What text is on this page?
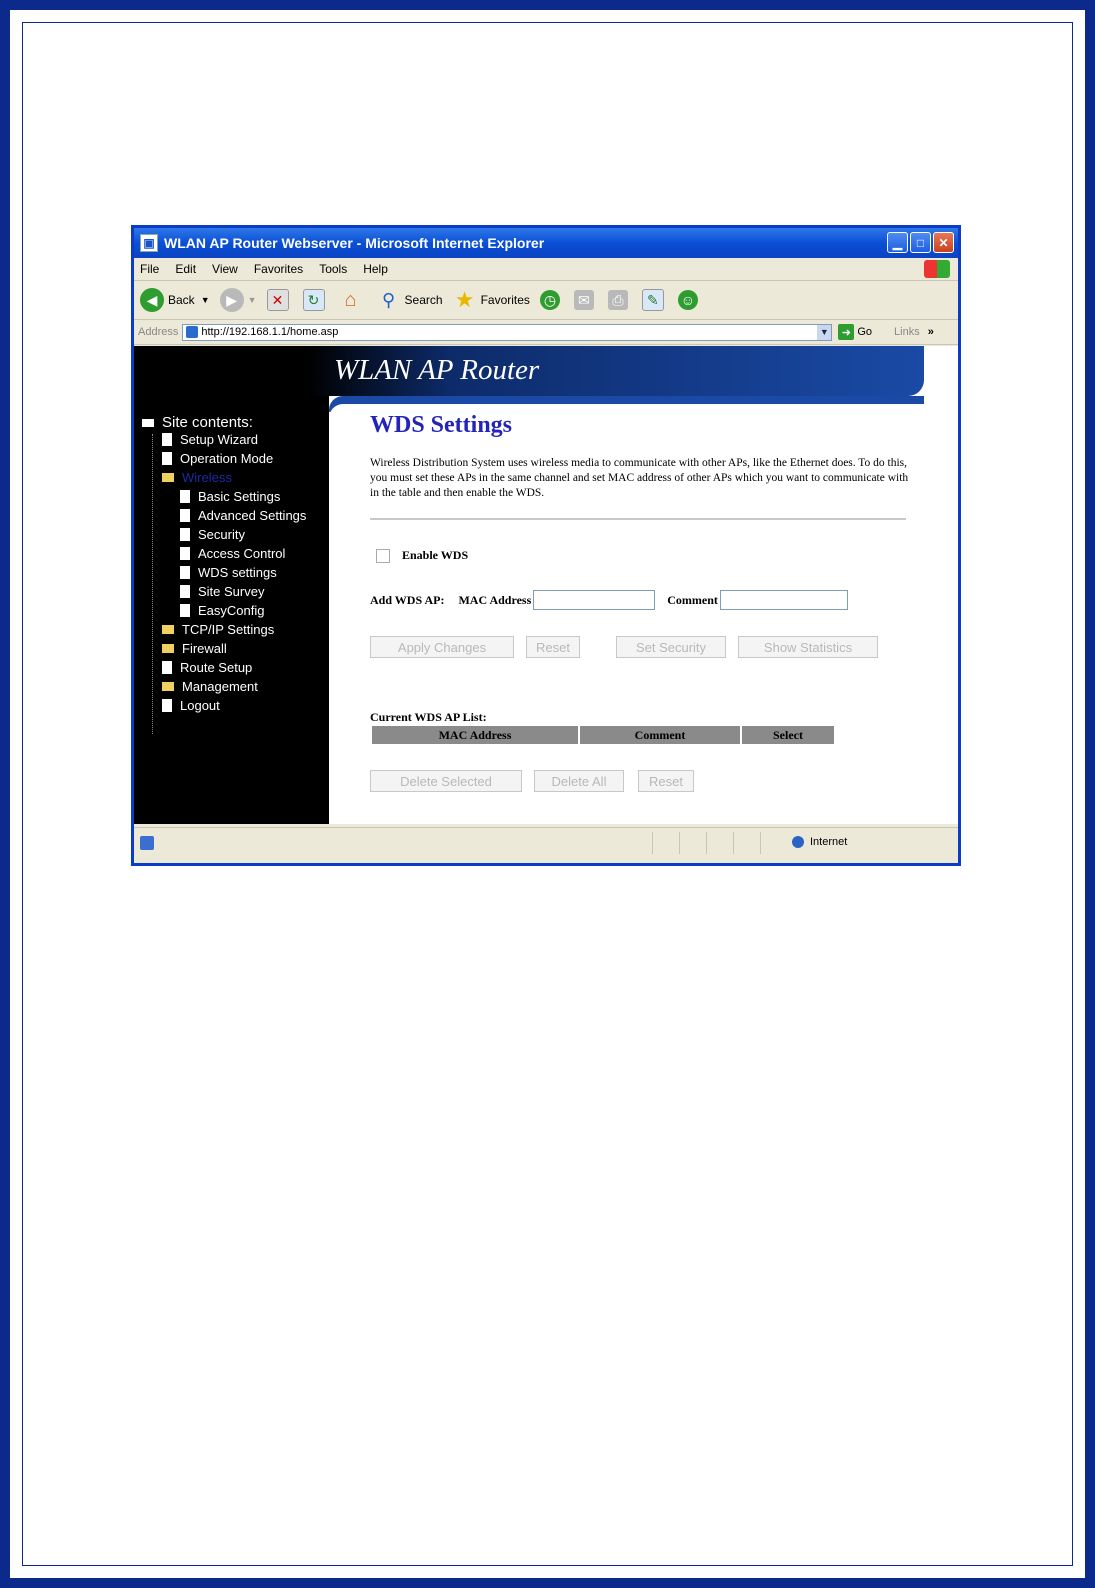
▣ WLAN AP Router Webserver - Microsoft Internet Explorer	▁	□	✕
File Edit View Favorites Tools Help
◀ Back ▼	▶	▼	✕	↻ ⌂	⚲ Search ★ Favorites ◷ ✉	⎙	✎	☺
Address http://192.168.1.1/home.asp	▼	➜ Go Links »
WLAN AP Router
Site contents:
Setup Wizard
Operation Mode
Wireless
Basic Settings
Advanced Settings
Security
Access Control
WDS settings
Site Survey
EasyConfig
TCP/IP Settings
Firewall
Route Setup
Management
Logout
WDS Settings
Wireless Distribution System uses wireless media to communicate with other APs, like the Ethernet does. To do this, you must set these APs in the same channel and set MAC address of other APs which you want to communicate with in the table and then enable the WDS.
Enable WDS
Add WDS AP: MAC Address	Comment
Apply Changes	Reset	Set Security	Show Statistics
Current WDS AP List:
MAC Address	Comment	Select
Delete Selected	Delete All	Reset
Internet
